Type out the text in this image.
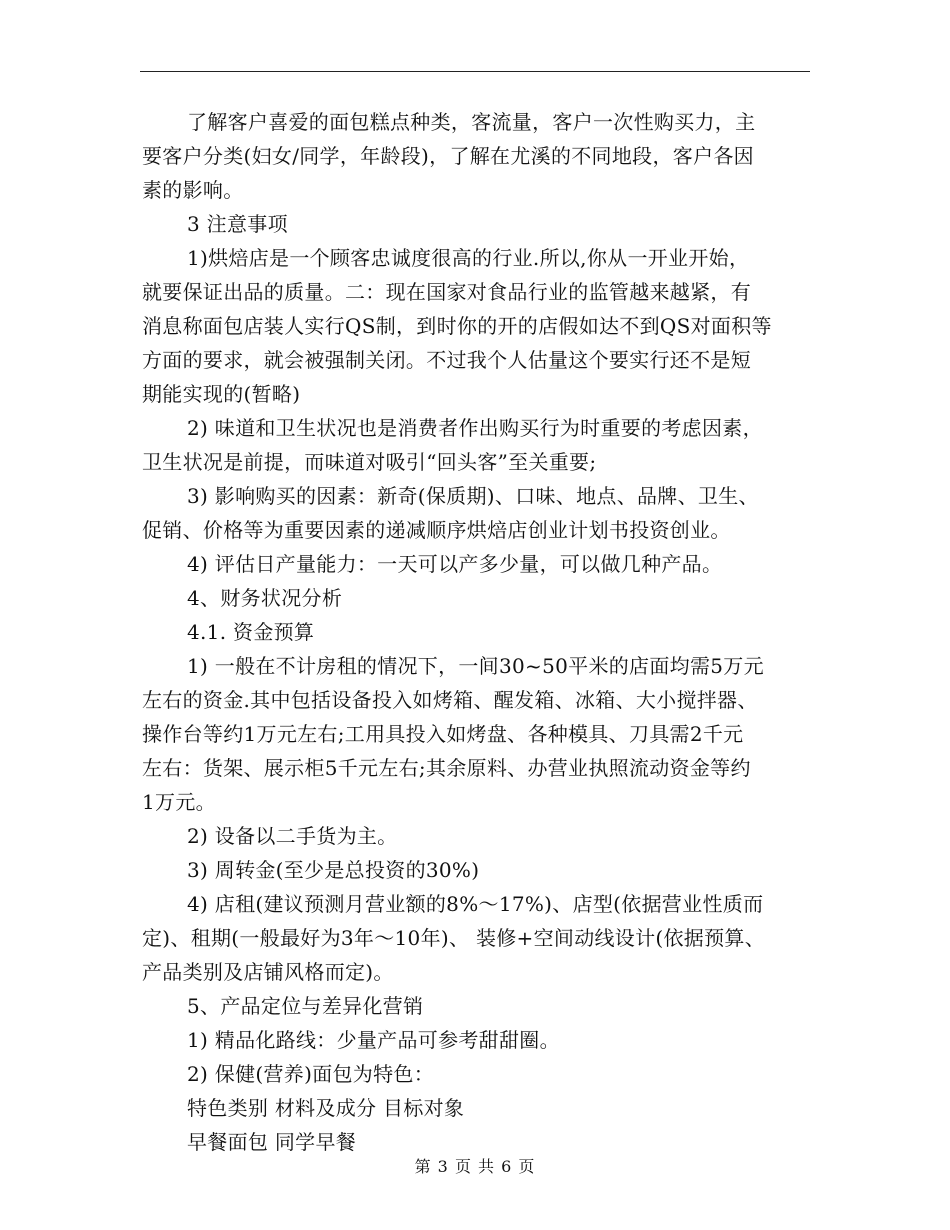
了解客户喜爱的面包糕点种类，客流量，客户一次性购买力，主
要客户分类(妇女/同学，年龄段)，了解在尤溪的不同地段，客户各因
素的影响。
3 注意事项
1)烘焙店是一个顾客忠诚度很高的行业.所以,你从一开业开始，
就要保证出品的质量。二：现在国家对食品行业的监管越来越紧，有
消息称面包店装人实行QS制，到时你的开的店假如达不到QS对面积等
方面的要求，就会被强制关闭。不过我个人估量这个要实行还不是短
期能实现的(暂略)
2) 味道和卫生状况也是消费者作出购买行为时重要的考虑因素，
卫生状况是前提，而味道对吸引“回头客”至关重要;
3) 影响购买的因素：新奇(保质期)、口味、地点、品牌、卫生、
促销、价格等为重要因素的递减顺序烘焙店创业计划书投资创业。
4) 评估日产量能力：一天可以产多少量，可以做几种产品。
4、财务状况分析
4.1. 资金预算
1) 一般在不计房租的情况下，一间30~50平米的店面均需5万元
左右的资金.其中包括设备投入如烤箱、醒发箱、冰箱、大小搅拌器、
操作台等约1万元左右;工用具投入如烤盘、各种模具、刀具需2千元
左右：货架、展示柜5千元左右;其余原料、办营业执照流动资金等约
1万元。
2) 设备以二手货为主。
3) 周转金(至少是总投资的30%)
4) 店租(建议预测月营业额的8%～17%)、店型(依据营业性质而
定)、租期(一般最好为3年～10年)、 装修+空间动线设计(依据预算、
产品类别及店铺风格而定)。
5、产品定位与差异化营销
1) 精品化路线：少量产品可参考甜甜圈。
2) 保健(营养)面包为特色：
特色类别 材料及成分 目标对象
早餐面包 同学早餐
第 3 页 共 6 页
